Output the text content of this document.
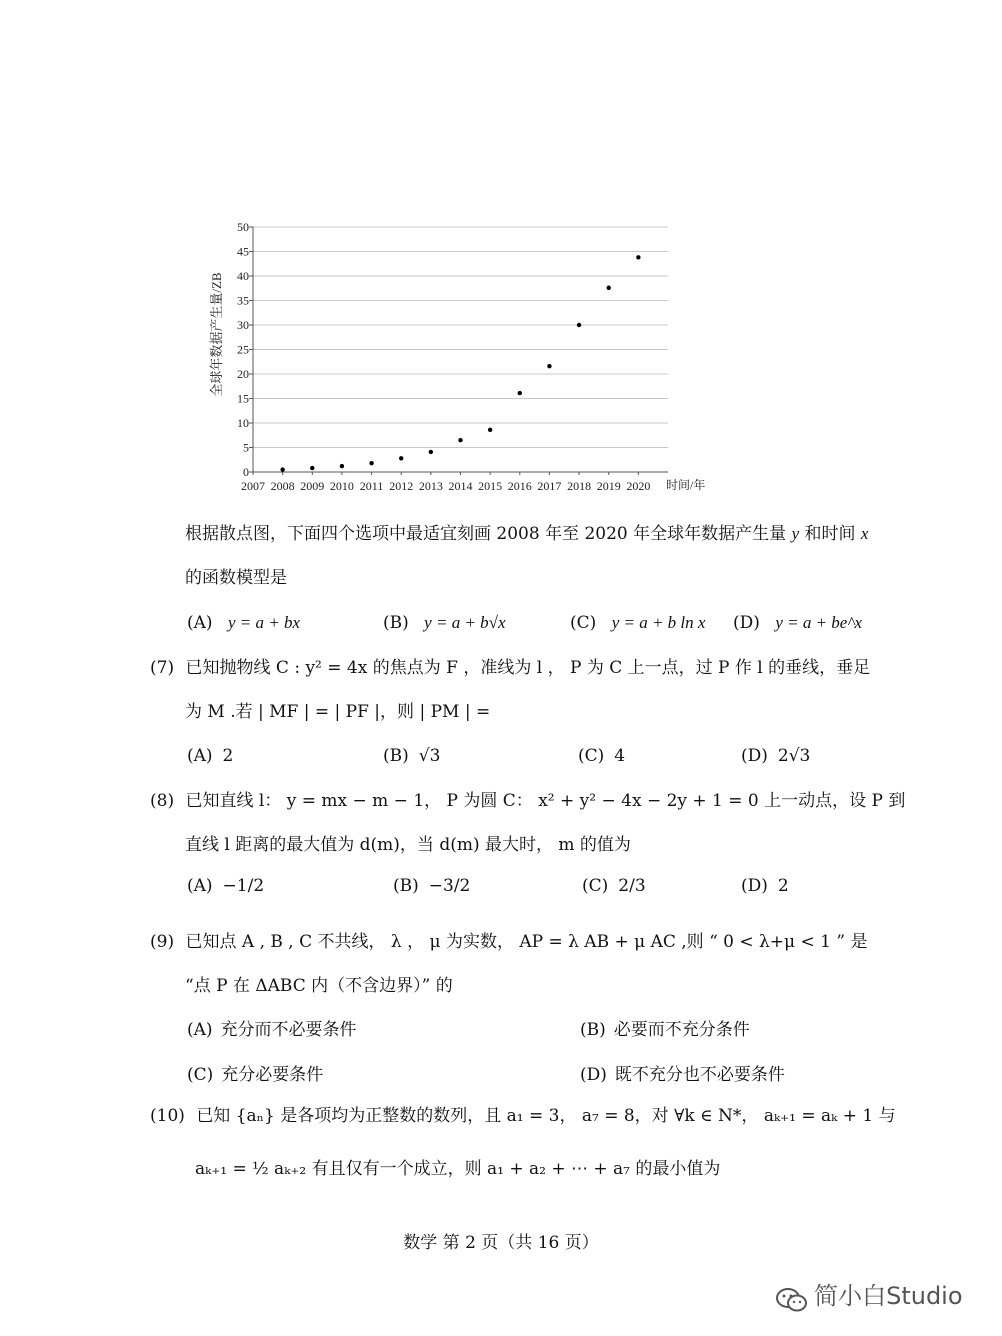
0
5
10
15
20
25
30
35
40
45
50
2007 2008 2009 2010 2011 2012 2013 2014 2015 2016 2017 2018 2019 2020 时间/年
全球年数据产生量/ZB
根据散点图，下面四个选项中最适宜刻画 2008 年至 2020 年全球年数据产生量 y 和时间 x
的函数模型是
(A) y = a + bx	(B) y = a + b√x	(C) y = a + b ln x (D) y = a + be^x
(7) 已知抛物线 C : y² = 4x 的焦点为 F ，准线为 l ， P 为 C 上一点，过 P 作 l 的垂线，垂足
为 M .若 | MF | = | PF |，则 | PM | =
(A) 2	(B) √3	(C) 4	(D) 2√3
(8) 已知直线 l： y = mx − m − 1， P 为圆 C： x² + y² − 4x − 2y + 1 = 0 上一动点，设 P 到
直线 l 距离的最大值为 d(m)，当 d(m) 最大时， m 的值为
(A) −1/2	(B) −3/2	(C) 2/3	(D) 2
(9) 已知点 A , B , C 不共线， λ ， μ 为实数， AP = λ AB + μ AC ,则 “ 0 < λ+μ < 1 ” 是
“点 P 在 ΔABC 内（不含边界）” 的
(A) 充分而不必要条件	(B) 必要而不充分条件
(C) 充分必要条件	(D) 既不充分也不必要条件
(10) 已知 {aₙ} 是各项均为正整数的数列，且 a₁ = 3， a₇ = 8，对 ∀k ∈ N*， aₖ₊₁ = aₖ + 1 与
aₖ₊₁ = ½ aₖ₊₂ 有且仅有一个成立，则 a₁ + a₂ + ⋯ + a₇ 的最小值为
数学 第 2 页（共 16 页）
简小白Studio
